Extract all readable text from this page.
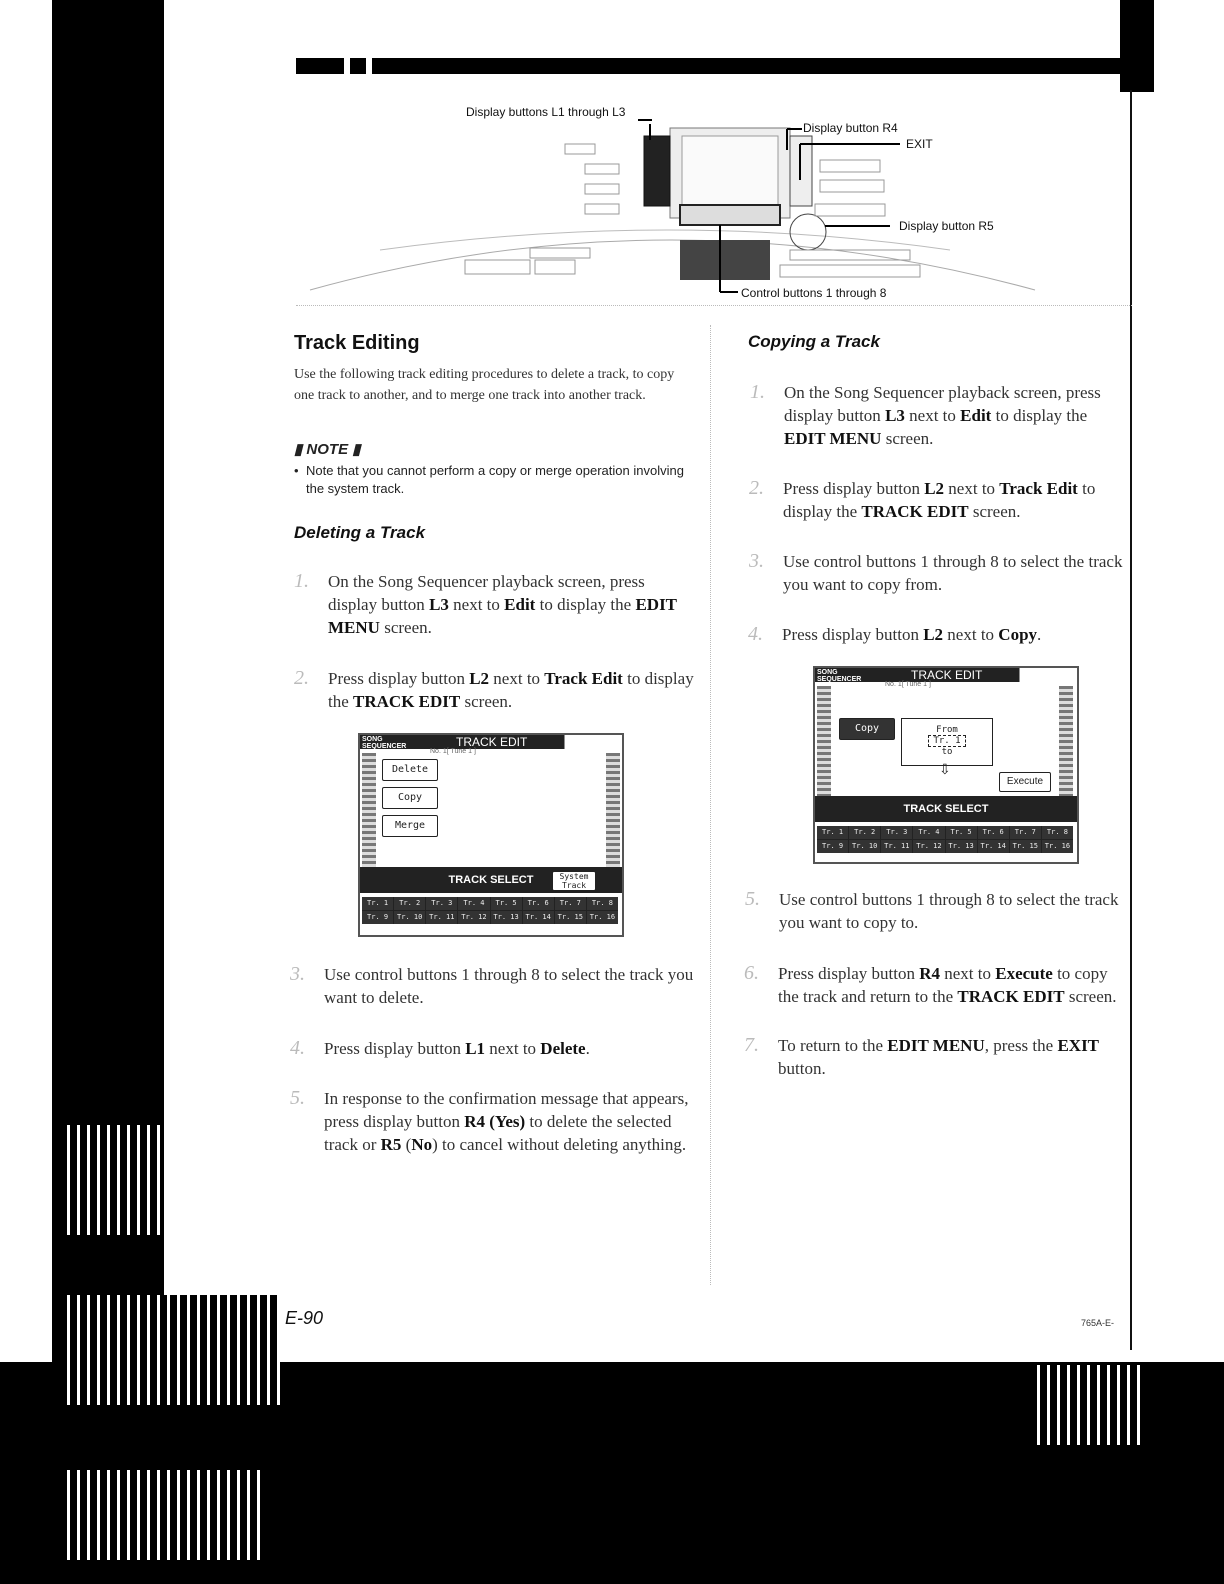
Display buttons L1 through L3
Display button R4
EXIT
Display button R5
Control buttons 1 through 8
Track Editing
Use the following track editing procedures to delete a track, to copy one track to another, and to merge one track into another track.
▮ NOTE ▮
• Note that you cannot perform a copy or merge operation involving the system track.
Deleting a Track
1. On the Song Sequencer playback screen, press display button L3 next to Edit to display the EDIT MENU screen.
2. Press display button L2 next to Track Edit to display the TRACK EDIT screen.
SONG SEQUENCER	TRACK EDIT
No. 1[ Tune 1 ]
Delete
Copy
Merge
TRACK SELECT	System Track
Tr. 1	Tr. 2	Tr. 3	Tr. 4	Tr. 5	Tr. 6	Tr. 7	Tr. 8
Tr. 9	Tr. 10 Tr. 11 Tr. 12 Tr. 13 Tr. 14 Tr. 15 Tr. 16
3. Use control buttons 1 through 8 to select the track you want to delete.
4. Press display button L1 next to Delete.
5. In response to the confirmation message that appears, press display button R4 (Yes) to delete the selected track or R5 (No) to cancel without deleting anything.
Copying a Track
1. On the Song Sequencer playback screen, press display button L3 next to Edit to display the EDIT MENU screen.
2. Press display button L2 next to Track Edit to display the TRACK EDIT screen.
3. Use control buttons 1 through 8 to select the track you want to copy from.
4. Press display button L2 next to Copy.
SONG SEQUENCER	TRACK EDIT
No. 1[ Tune 1 ]
Copy	From
Tr. 1
to
⇩
Execute
TRACK SELECT
Tr. 1	Tr. 2	Tr. 3	Tr. 4	Tr. 5	Tr. 6	Tr. 7	Tr. 8
Tr. 9	Tr. 10 Tr. 11 Tr. 12 Tr. 13 Tr. 14 Tr. 15 Tr. 16
5. Use control buttons 1 through 8 to select the track you want to copy to.
6. Press display button R4 next to Execute to copy the track and return to the TRACK EDIT screen.
7. To return to the EDIT MENU, press the EXIT button.
E-90	765A-E-
